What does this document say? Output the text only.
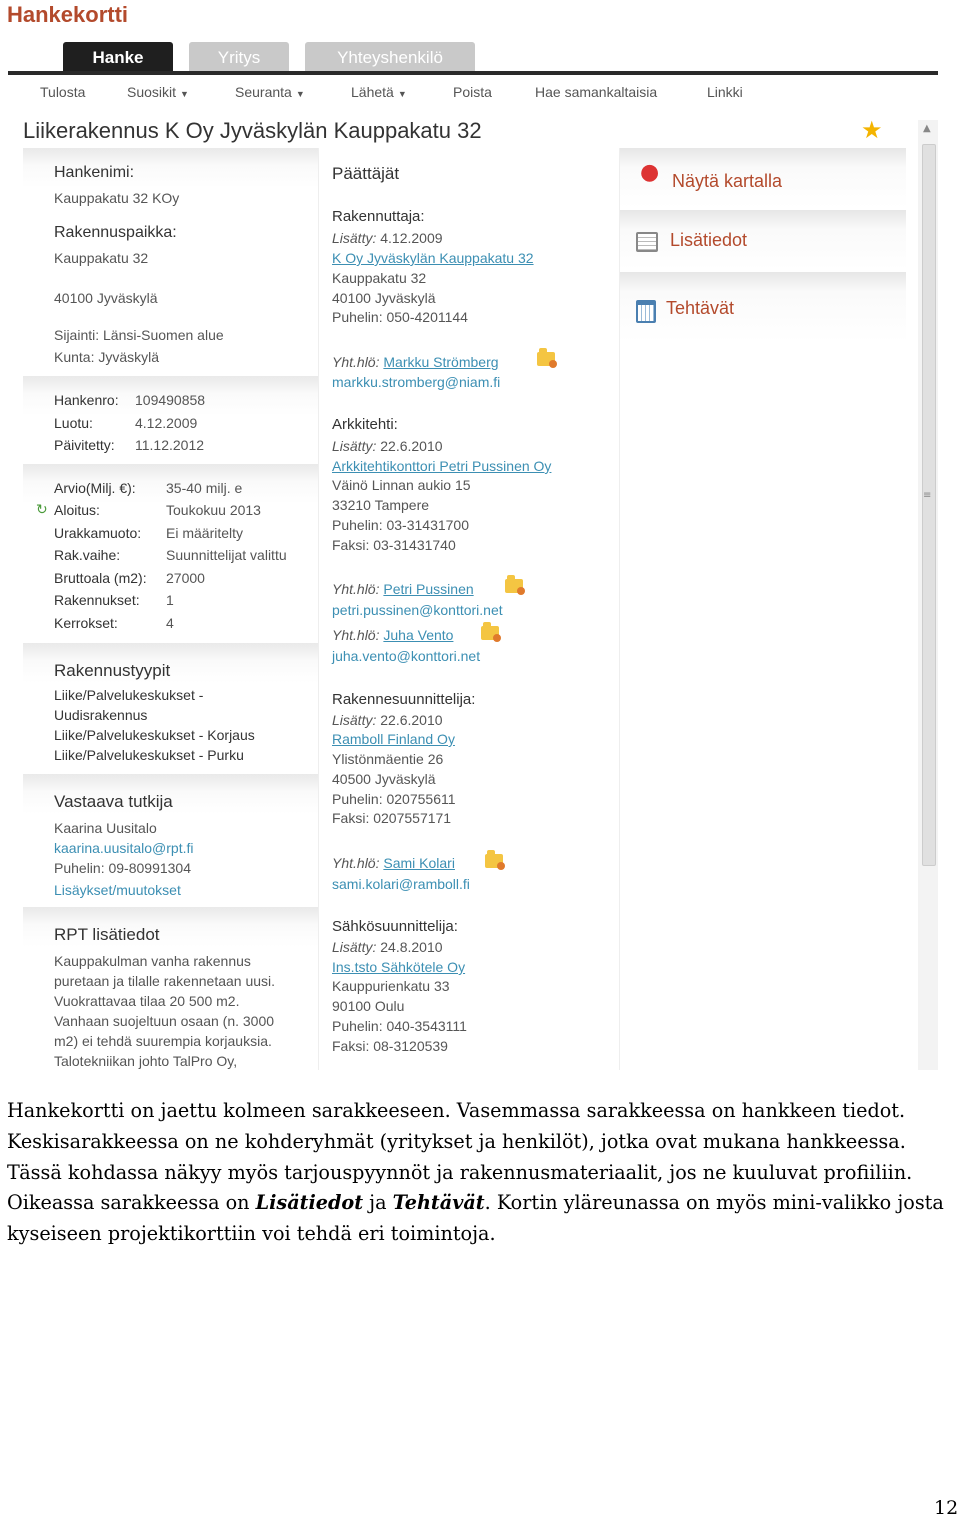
Hankekortti
Hanke	Yritys	Yhteyshenkilö
Tulosta	Suosikit ▼	Seuranta ▼	Lähetä ▼	Poista	Hae samankaltaisia	Linkki
Liikerakennus K Oy Jyväskylän Kauppakatu 32	★	▲
≡
Hankenimi:
Kauppakatu 32 KOy
Rakennuspaikka:
Kauppakatu 32
40100 Jyväskylä
Sijainti: Länsi-Suomen alue
Kunta: Jyväskylä
Hankenro: 109490858
Luotu:	4.12.2009
Päivitetty: 11.12.2012
Arvio(Milj. €): 35-40 milj. e
↻ Aloitus:	Toukokuu 2013
Urakkamuoto: Ei määritelty
Rak.vaihe:	Suunnittelijat valittu
Bruttoala (m2): 27000
Rakennukset: 1
Kerrokset:	4
Rakennustyypit
Liike/Palvelukeskukset -
Uudisrakennus
Liike/Palvelukeskukset - Korjaus
Liike/Palvelukeskukset - Purku
Vastaava tutkija
Kaarina Uusitalo
kaarina.uusitalo@rpt.fi
Puhelin: 09-80991304
Lisäykset/muutokset
RPT lisätiedot
Kauppakulman vanha rakennus
puretaan ja tilalle rakennetaan uusi.
Vuokrattavaa tilaa 20 500 m2.
Vanhaan suojeltuun osaan (n. 3000
m2) ei tehdä suurempia korjauksia.
Talotekniikan johto TalPro Oy,
Päättäjät
Rakennuttaja:
Lisätty: 4.12.2009
K Oy Jyväskylän Kauppakatu 32
Kauppakatu 32
40100 Jyväskylä
Puhelin: 050-4201144
Yht.hlö: Markku Strömberg
markku.stromberg@niam.fi
Arkkitehti:
Lisätty: 22.6.2010
Arkkitehtikonttori Petri Pussinen Oy
Väinö Linnan aukio 15
33210 Tampere
Puhelin: 03-31431700
Faksi: 03-31431740
Yht.hlö: Petri Pussinen
petri.pussinen@konttori.net
Yht.hlö: Juha Vento
juha.vento@konttori.net
Rakennesuunnittelija:
Lisätty: 22.6.2010
Ramboll Finland Oy
Ylistönmäentie 26
40500 Jyväskylä
Puhelin: 020755611
Faksi: 0207557171
Yht.hlö: Sami Kolari
sami.kolari@ramboll.fi
Sähkösuunnittelija:
Lisätty: 24.8.2010
Ins.tsto Sähkötele Oy
Kauppurienkatu 33
90100 Oulu
Puhelin: 040-3543111
Faksi: 08-3120539
● Näytä kartalla
Lisätiedot
Tehtävät

Hankekortti on jaettu kolmeen sarakkeeseen. Vasemmassa sarakkeessa on hankkeen tiedot.

Keskisarakkeessa on ne kohderyhmät (yritykset ja henkilöt), jotka ovat mukana hankkeessa.

Tässä kohdassa näkyy myös tarjouspyynnöt ja rakennusmateriaalit, jos ne kuuluvat profiiliin.

Oikeassa sarakkeessa on Lisätiedot ja Tehtävät. Kortin yläreunassa on myös mini-valikko josta

kyseiseen projektikorttiin voi tehdä eri toimintoja.

12
